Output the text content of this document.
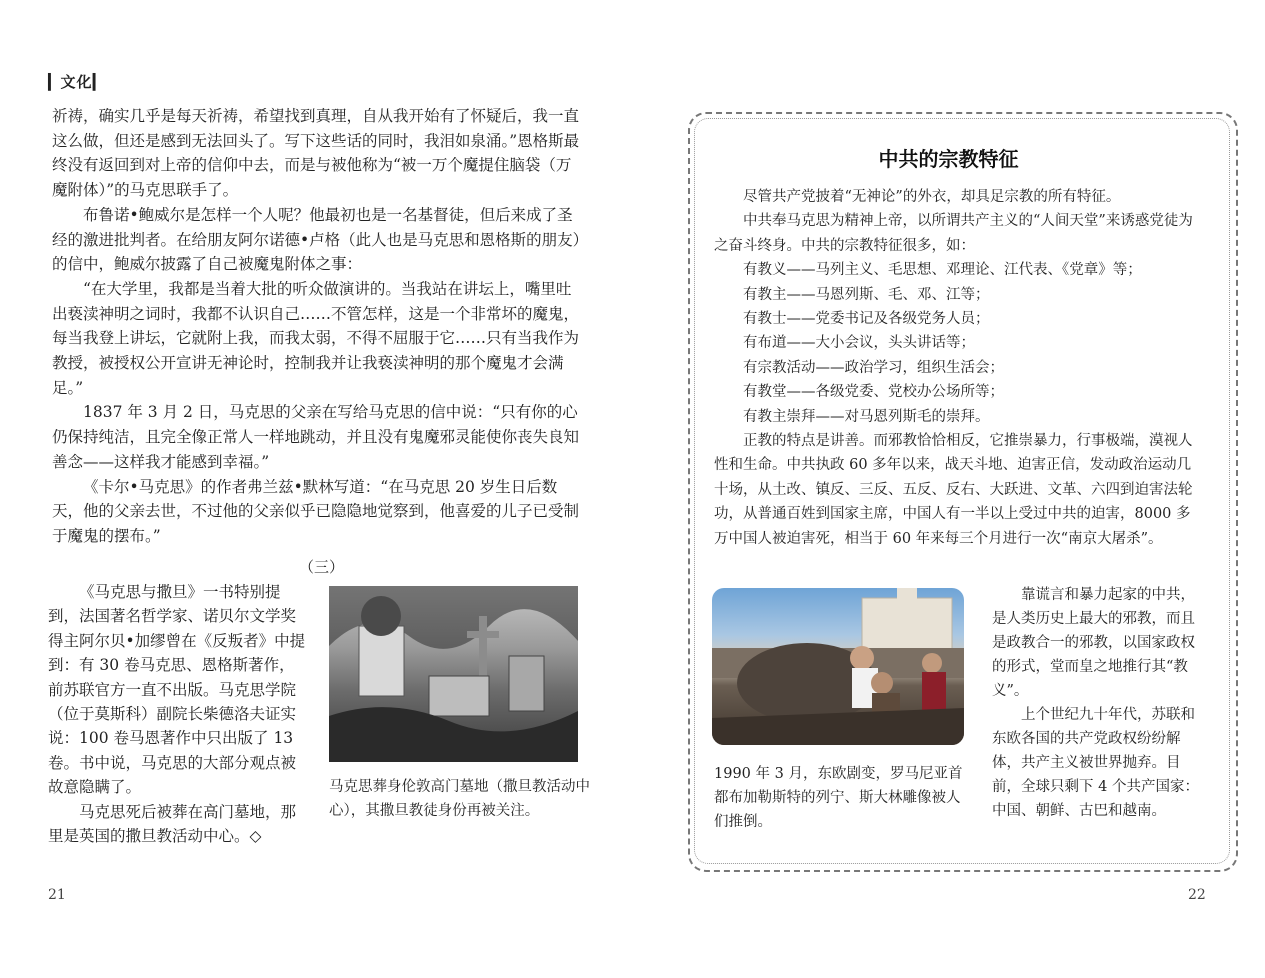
▎文化▎

祈祷，确实几乎是每天祈祷，希望找到真理，自从我开始有了怀疑后，我一直这么做，但还是感到无法回头了。写下这些话的同时，我泪如泉涌。”恩格斯最终没有返回到对上帝的信仰中去，而是与被他称为“被一万个魔提住脑袋（万魔附体）”的马克思联手了。

布鲁诺•鲍威尔是怎样一个人呢？他最初也是一名基督徒，但后来成了圣经的激进批判者。在给朋友阿尔诺德•卢格（此人也是马克思和恩格斯的朋友）的信中，鲍威尔披露了自己被魔鬼附体之事：

“在大学里，我都是当着大批的听众做演讲的。当我站在讲坛上，嘴里吐出亵渎神明之词时，我都不认识自己……不管怎样，这是一个非常坏的魔鬼，每当我登上讲坛，它就附上我，而我太弱，不得不屈服于它……只有当我作为教授，被授权公开宣讲无神论时，控制我并让我亵渎神明的那个魔鬼才会满足。”

1837 年 3 月 2 日，马克思的父亲在写给马克思的信中说：“只有你的心仍保持纯洁，且完全像正常人一样地跳动，并且没有鬼魔邪灵能使你丧失良知善念——这样我才能感到幸福。”

《卡尔•马克思》的作者弗兰兹•默林写道：“在马克思 20 岁生日后数天，他的父亲去世，不过他的父亲似乎已隐隐地觉察到，他喜爱的儿子已受制于魔鬼的摆布。”

（三）

《马克思与撒旦》一书特别提到，法国著名哲学家、诺贝尔文学奖得主阿尔贝•加缪曾在《反叛者》中提到：有 30 卷马克思、恩格斯著作，前苏联官方一直不出版。马克思学院（位于莫斯科）副院长柴德洛夫证实说：100 卷马恩著作中只出版了 13 卷。书中说，马克思的大部分观点被故意隐瞒了。

马克思死后被葬在高门墓地，那里是英国的撒旦教活动中心。◇

马克思葬身伦敦高门墓地（撒旦教活动中心），其撒旦教徒身份再被关注。
21
中共的宗教特征

尽管共产党披着“无神论”的外衣，却具足宗教的所有特征。

中共奉马克思为精神上帝，以所谓共产主义的“人间天堂”来诱惑党徒为之奋斗终身。中共的宗教特征很多，如：

有教义——马列主义、毛思想、邓理论、江代表、《党章》等；

有教主——马恩列斯、毛、邓、江等；

有教士——党委书记及各级党务人员；

有布道——大小会议，头头讲话等；

有宗教活动——政治学习，组织生活会；

有教堂——各级党委、党校办公场所等；

有教主崇拜——对马恩列斯毛的崇拜。

正教的特点是讲善。而邪教恰恰相反，它推崇暴力，行事极端，漠视人性和生命。中共执政 60 多年以来，战天斗地、迫害正信，发动政治运动几十场，从土改、镇反、三反、五反、反右、大跃进、文革、六四到迫害法轮功，从普通百姓到国家主席，中国人有一半以上受过中共的迫害，8000 多万中国人被迫害死，相当于 60 年来每三个月进行一次“南京大屠杀”。

1990 年 3 月，东欧剧变，罗马尼亚首都布加勒斯特的列宁、斯大林雕像被人们推倒。

靠谎言和暴力起家的中共，是人类历史上最大的邪教，而且是政教合一的邪教，以国家政权的形式，堂而皇之地推行其“教义”。

上个世纪九十年代，苏联和东欧各国的共产党政权纷纷解体，共产主义被世界抛弃。目前，全球只剩下 4 个共产国家：中国、朝鲜、古巴和越南。

22
